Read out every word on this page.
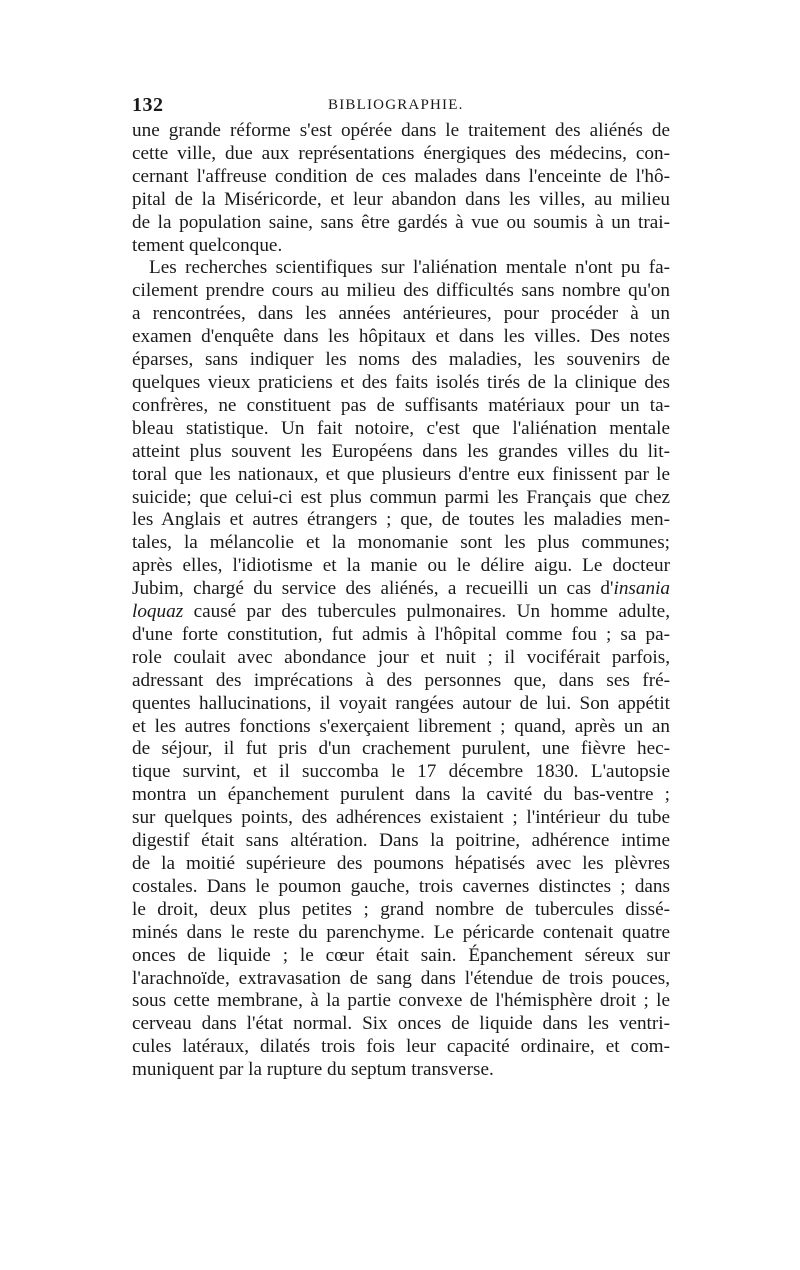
132	BIBLIOGRAPHIE.
une grande réforme s'est opérée dans le traitement des aliénés de
cette ville, due aux représentations énergiques des médecins, con-
cernant l'affreuse condition de ces malades dans l'enceinte de l'hô-
pital de la Miséricorde, et leur abandon dans les villes, au milieu
de la population saine, sans être gardés à vue ou soumis à un trai-
tement quelconque.
Les recherches scientifiques sur l'aliénation mentale n'ont pu fa-
cilement prendre cours au milieu des difficultés sans nombre qu'on
a rencontrées, dans les années antérieures, pour procéder à un
examen d'enquête dans les hôpitaux et dans les villes. Des notes
éparses, sans indiquer les noms des maladies, les souvenirs de
quelques vieux praticiens et des faits isolés tirés de la clinique des
confrères, ne constituent pas de suffisants matériaux pour un ta-
bleau statistique. Un fait notoire, c'est que l'aliénation mentale
atteint plus souvent les Européens dans les grandes villes du lit-
toral que les nationaux, et que plusieurs d'entre eux finissent par le
suicide; que celui-ci est plus commun parmi les Français que chez
les Anglais et autres étrangers ; que, de toutes les maladies men-
tales, la mélancolie et la monomanie sont les plus communes;
après elles, l'idiotisme et la manie ou le délire aigu. Le docteur
Jubim, chargé du service des aliénés, a recueilli un cas d'insania
loquaz causé par des tubercules pulmonaires. Un homme adulte,
d'une forte constitution, fut admis à l'hôpital comme fou ; sa pa-
role coulait avec abondance jour et nuit ; il vociférait parfois,
adressant des imprécations à des personnes que, dans ses fré-
quentes hallucinations, il voyait rangées autour de lui. Son appétit
et les autres fonctions s'exerçaient librement ; quand, après un an
de séjour, il fut pris d'un crachement purulent, une fièvre hec-
tique survint, et il succomba le 17 décembre 1830. L'autopsie
montra un épanchement purulent dans la cavité du bas-ventre ;
sur quelques points, des adhérences existaient ; l'intérieur du tube
digestif était sans altération. Dans la poitrine, adhérence intime
de la moitié supérieure des poumons hépatisés avec les plèvres
costales. Dans le poumon gauche, trois cavernes distinctes ; dans
le droit, deux plus petites ; grand nombre de tubercules dissé-
minés dans le reste du parenchyme. Le péricarde contenait quatre
onces de liquide ; le cœur était sain. Épanchement séreux sur
l'arachnoïde, extravasation de sang dans l'étendue de trois pouces,
sous cette membrane, à la partie convexe de l'hémisphère droit ; le
cerveau dans l'état normal. Six onces de liquide dans les ventri-
cules latéraux, dilatés trois fois leur capacité ordinaire, et com-
muniquent par la rupture du septum transverse.
